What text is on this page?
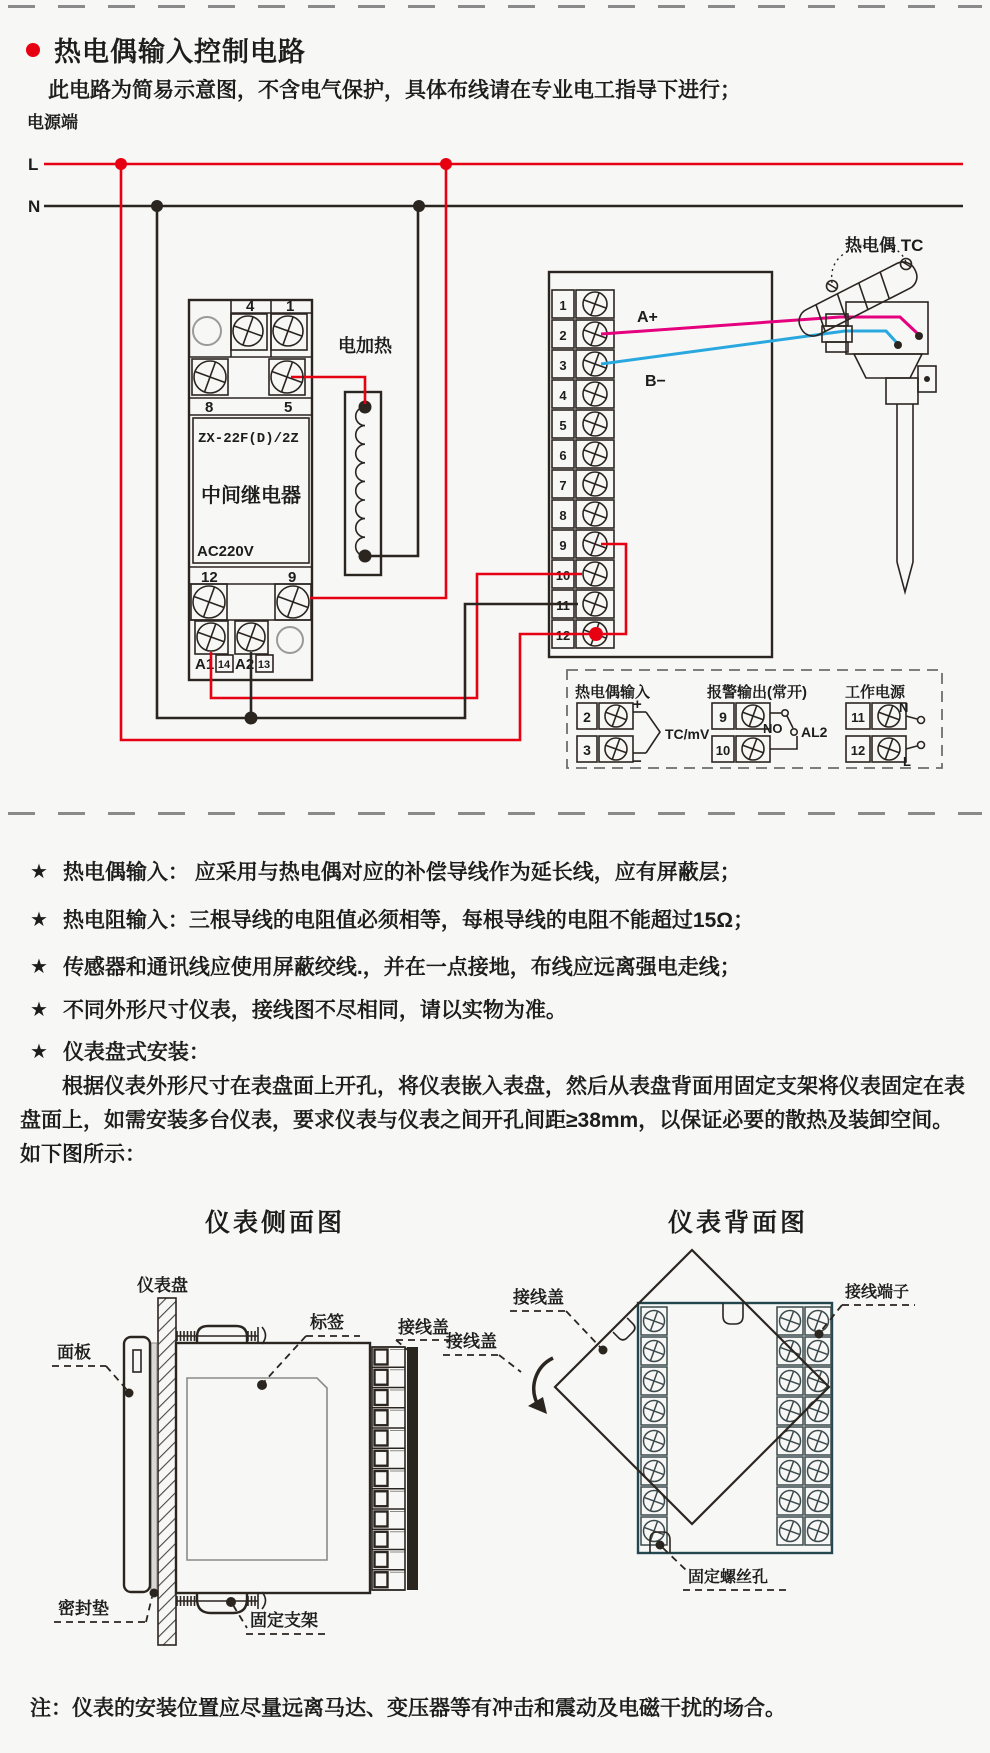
热电偶输入控制电路
此电路为简易示意图，不含电气保护，具体布线请在专业电工指导下进行；
电源端
L
N
4 1
8	5
ZX-22F(D)/2Z
中间继电器
AC220V
12	9
A1 14 A2 13
电加热
1
2
3
4
5
6
7
8
9
10
11
12
A+
B−
热电偶 TC
热电偶输入
2
3
+
−
TC/mV
报警输出(常开)
9
10
NO AL2
工作电源
11
12
N
L
★ 热电偶输入： 应采用与热电偶对应的补偿导线作为延长线，应有屏蔽层；
★ 热电阻输入：三根导线的电阻值必须相等，每根导线的电阻不能超过15Ω；
★ 传感器和通讯线应使用屏蔽绞线.，并在一点接地，布线应远离强电走线；
★ 不同外形尺寸仪表，接线图不尽相同，请以实物为准。
★ 仪表盘式安装：

根据仪表外形尺寸在表盘面上开孔，将仪表嵌入表盘，然后从表盘背面用固定支架将仪表固定在表盘面上，如需安装多台仪表，要求仪表与仪表之间开孔间距≥38mm，以保证必要的散热及装卸空间。如下图所示：

仪表侧面图	仪表背面图
仪表盘
面板
标签	接线盖
密封垫
固定支架
接线盖
接线盖
接线端子
固定螺丝孔
注：仪表的安装位置应尽量远离马达、变压器等有冲击和震动及电磁干扰的场合。
